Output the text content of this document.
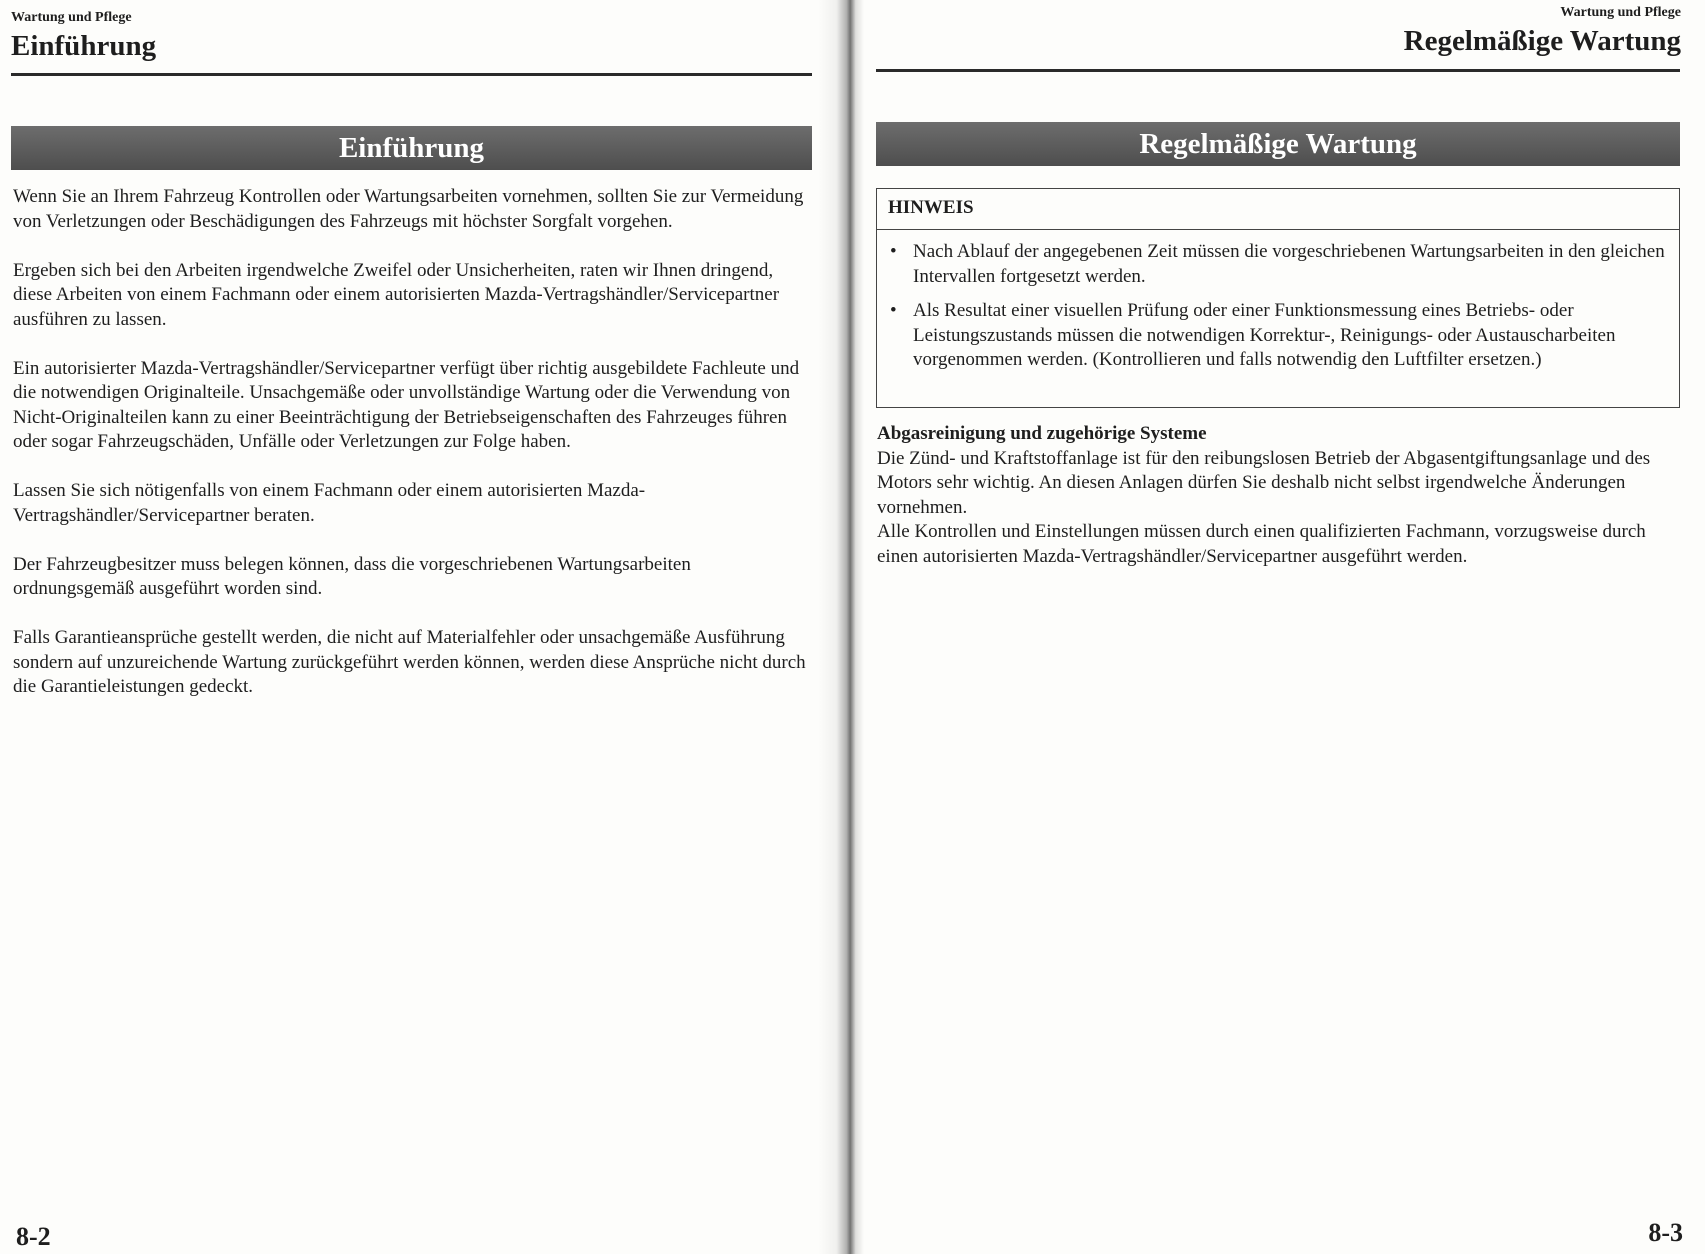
Wartung und Pflege
Einführung
Einführung

Wenn Sie an Ihrem Fahrzeug Kontrollen oder Wartungsarbeiten vornehmen, sollten Sie zur Vermeidung von Verletzungen oder Beschädigungen des Fahrzeugs mit höchster Sorgfalt vorgehen.

Ergeben sich bei den Arbeiten irgendwelche Zweifel oder Unsicherheiten, raten wir Ihnen dringend, diese Arbeiten von einem Fachmann oder einem autorisierten Mazda-Vertragshändler/Servicepartner ausführen zu lassen.

Ein autorisierter Mazda-Vertragshändler/Servicepartner verfügt über richtig ausgebildete Fachleute und die notwendigen Originalteile. Unsachgemäße oder unvollständige Wartung oder die Verwendung von Nicht-Originalteilen kann zu einer Beeinträchtigung der Betriebseigenschaften des Fahrzeuges führen oder sogar Fahrzeugschäden, Unfälle oder Verletzungen zur Folge haben.

Lassen Sie sich nötigenfalls von einem Fachmann oder einem autorisierten Mazda-Vertragshändler/Servicepartner beraten.

Der Fahrzeugbesitzer muss belegen können, dass die vorgeschriebenen Wartungsarbeiten ordnungsgemäß ausgeführt worden sind.

Falls Garantieansprüche gestellt werden, die nicht auf Materialfehler oder unsachgemäße Ausführung sondern auf unzureichende Wartung zurückgeführt werden können, werden diese Ansprüche nicht durch die Garantieleistungen gedeckt.

8-2
Wartung und Pflege
Regelmäßige Wartung
Regelmäßige Wartung
HINWEIS
• Nach Ablauf der angegebenen Zeit müssen die vorgeschriebenen Wartungsarbeiten in den gleichen Intervallen fortgesetzt werden.
• Als Resultat einer visuellen Prüfung oder einer Funktionsmessung eines Betriebs- oder Leistungszustands müssen die notwendigen Korrektur-, Reinigungs- oder Austauscharbeiten vorgenommen werden. (Kontrollieren und falls notwendig den Luftfilter ersetzen.)
Abgasreinigung und zugehörige Systeme
Die Zünd- und Kraftstoffanlage ist für den reibungslosen Betrieb der Abgasentgiftungsanlage und des Motors sehr wichtig. An diesen Anlagen dürfen Sie deshalb nicht selbst irgendwelche Änderungen vornehmen.
Alle Kontrollen und Einstellungen müssen durch einen qualifizierten Fachmann, vorzugsweise durch einen autorisierten Mazda-Vertragshändler/Servicepartner ausgeführt werden.
8-3
